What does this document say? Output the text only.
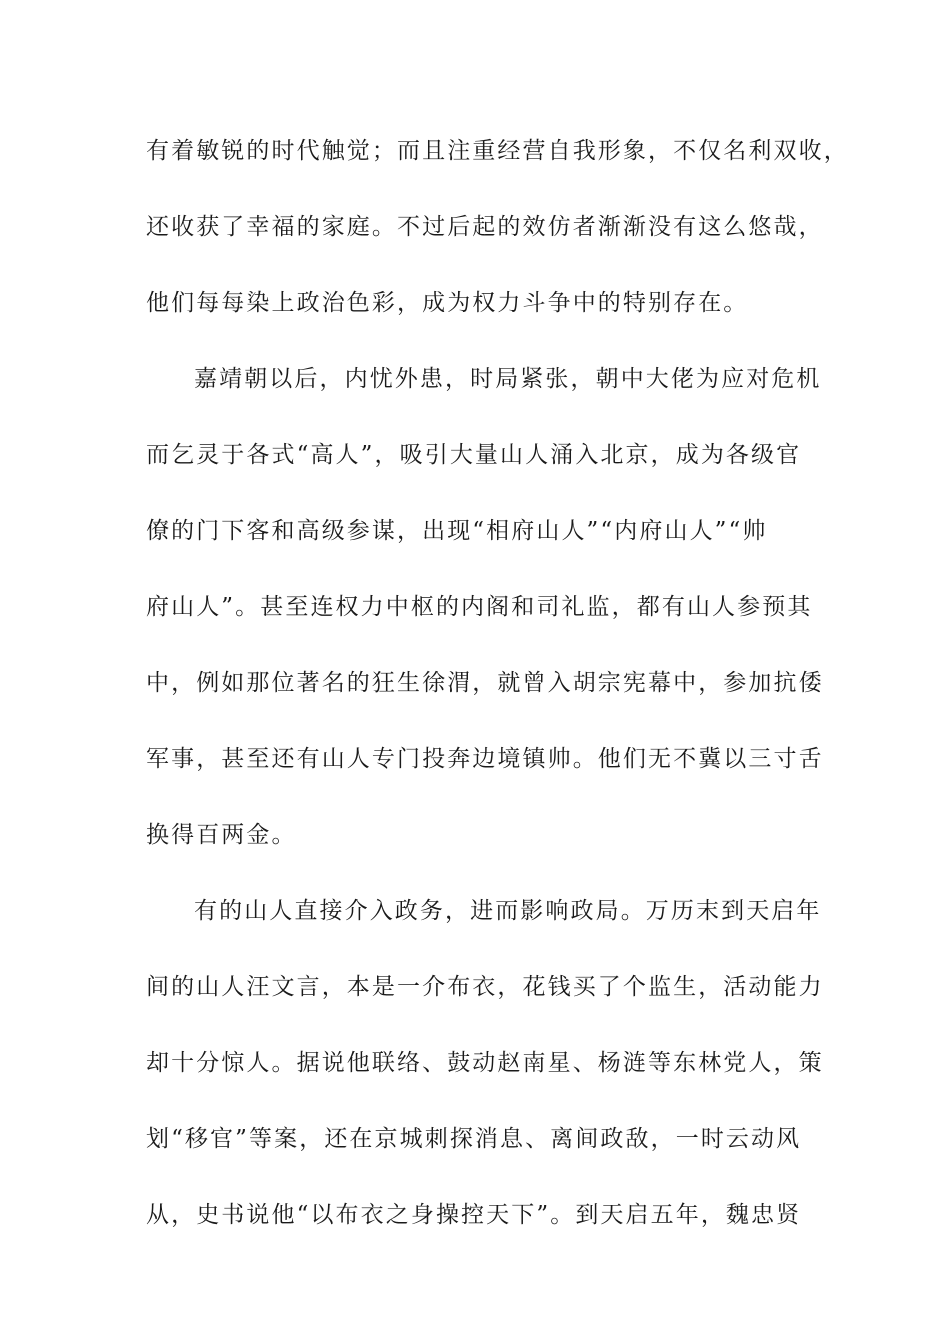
有着敏锐的时代触觉；而且注重经营自我形象，不仅名利双收，
还收获了幸福的家庭。不过后起的效仿者渐渐没有这么悠哉，
他们每每染上政治色彩，成为权力斗争中的特别存在。
嘉靖朝以后，内忧外患，时局紧张，朝中大佬为应对危机
而乞灵于各式“高人”，吸引大量山人涌入北京，成为各级官
僚的门下客和高级参谋，出现“相府山人”“内府山人”“帅
府山人”。甚至连权力中枢的内阁和司礼监，都有山人参预其
中，例如那位著名的狂生徐渭，就曾入胡宗宪幕中，参加抗倭
军事，甚至还有山人专门投奔边境镇帅。他们无不冀以三寸舌
换得百两金。
有的山人直接介入政务，进而影响政局。万历末到天启年
间的山人汪文言，本是一介布衣，花钱买了个监生，活动能力
却十分惊人。据说他联络、鼓动赵南星、杨涟等东林党人，策
划“移官”等案，还在京城刺探消息、离间政敌，一时云动风
从，史书说他“以布衣之身操控天下”。到天启五年，魏忠贤
